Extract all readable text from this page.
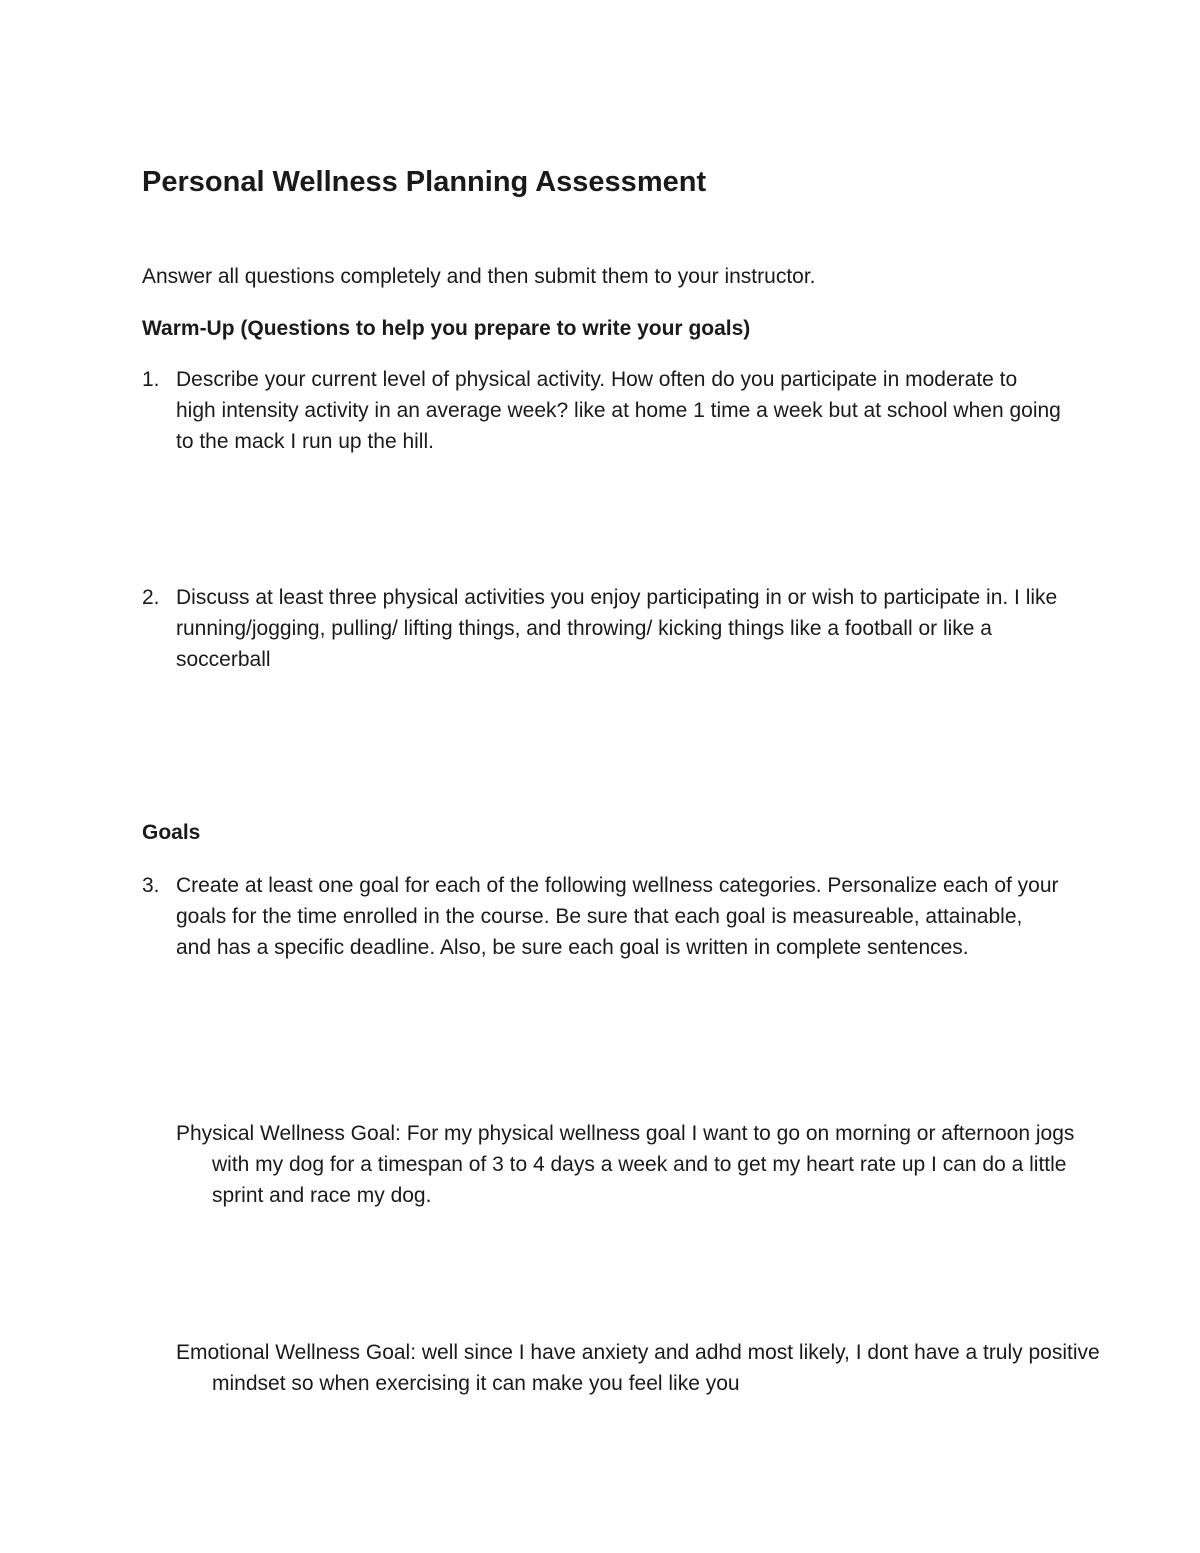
Personal Wellness Planning Assessment

Answer all questions completely and then submit them to your instructor.

Warm-Up (Questions to help you prepare to write your goals)
1. Describe your current level of physical activity. How often do you participate in moderate to high intensity activity in an average week? like at home 1 time a week but at school when going to the mack I run up the hill.
2. Discuss at least three physical activities you enjoy participating in or wish to participate in. I like running/jogging, pulling/ lifting things, and throwing/ kicking things like a football or like a soccerball
Goals
3. Create at least one goal for each of the following wellness categories. Personalize each of your goals for the time enrolled in the course. Be sure that each goal is measureable, attainable, and has a specific deadline. Also, be sure each goal is written in complete sentences.
Physical Wellness Goal: For my physical wellness goal I want to go on morning or afternoon jogs with my dog for a timespan of 3 to 4 days a week and to get my heart rate up I can do a little sprint and race my dog.
Emotional Wellness Goal: well since I have anxiety and adhd most likely, I dont have a truly positive mindset so when exercising it can make you feel like you
